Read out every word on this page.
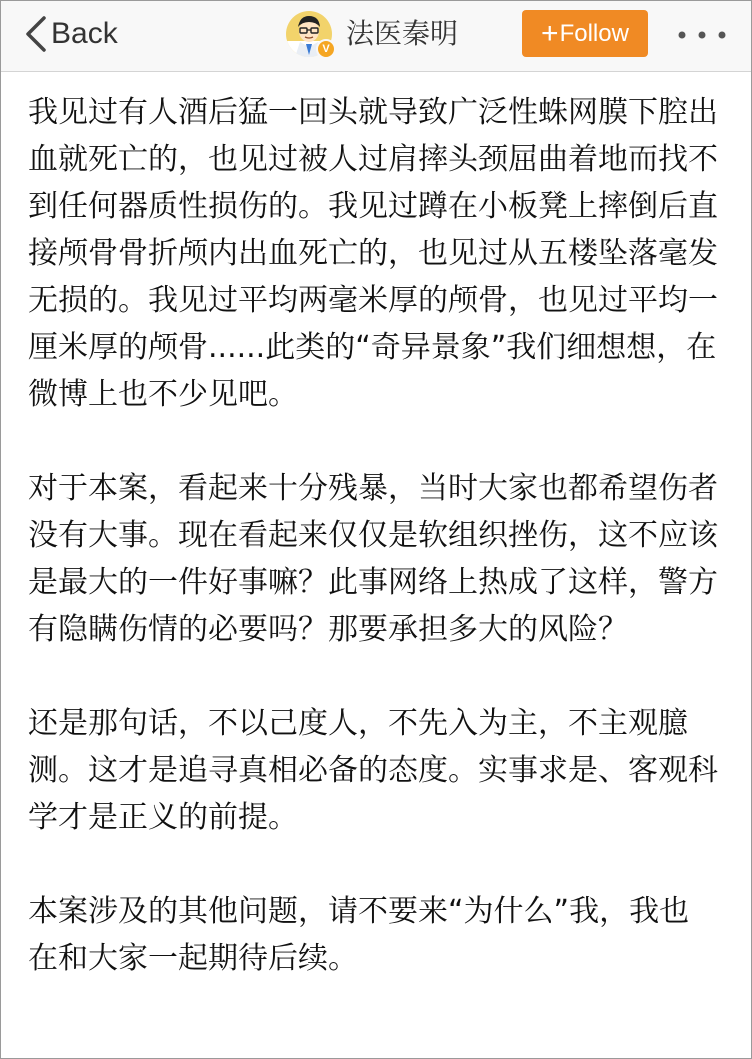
Back	V 法医秦明	+ Follow

我见过有人酒后猛一回头就导致广泛性蛛网膜下腔出血就死亡的，也见过被人过肩摔头颈屈曲着地而找不到任何器质性损伤的。我见过蹲在小板凳上摔倒后直接颅骨骨折颅内出血死亡的，也见过从五楼坠落毫发无损的。我见过平均两毫米厚的颅骨，也见过平均一厘米厚的颅骨......此类的“奇异景象”我们细想想，在微博上也不少见吧。

对于本案，看起来十分残暴，当时大家也都希望伤者没有大事。现在看起来仅仅是软组织挫伤，这不应该是最大的一件好事嘛？此事网络上热成了这样，警方有隐瞒伤情的必要吗？那要承担多大的风险？

还是那句话，不以己度人，不先入为主，不主观臆测。这才是追寻真相必备的态度。实事求是、客观科学才是正义的前提。

本案涉及的其他问题，请不要来“为什么”我，我也在和大家一起期待后续。
